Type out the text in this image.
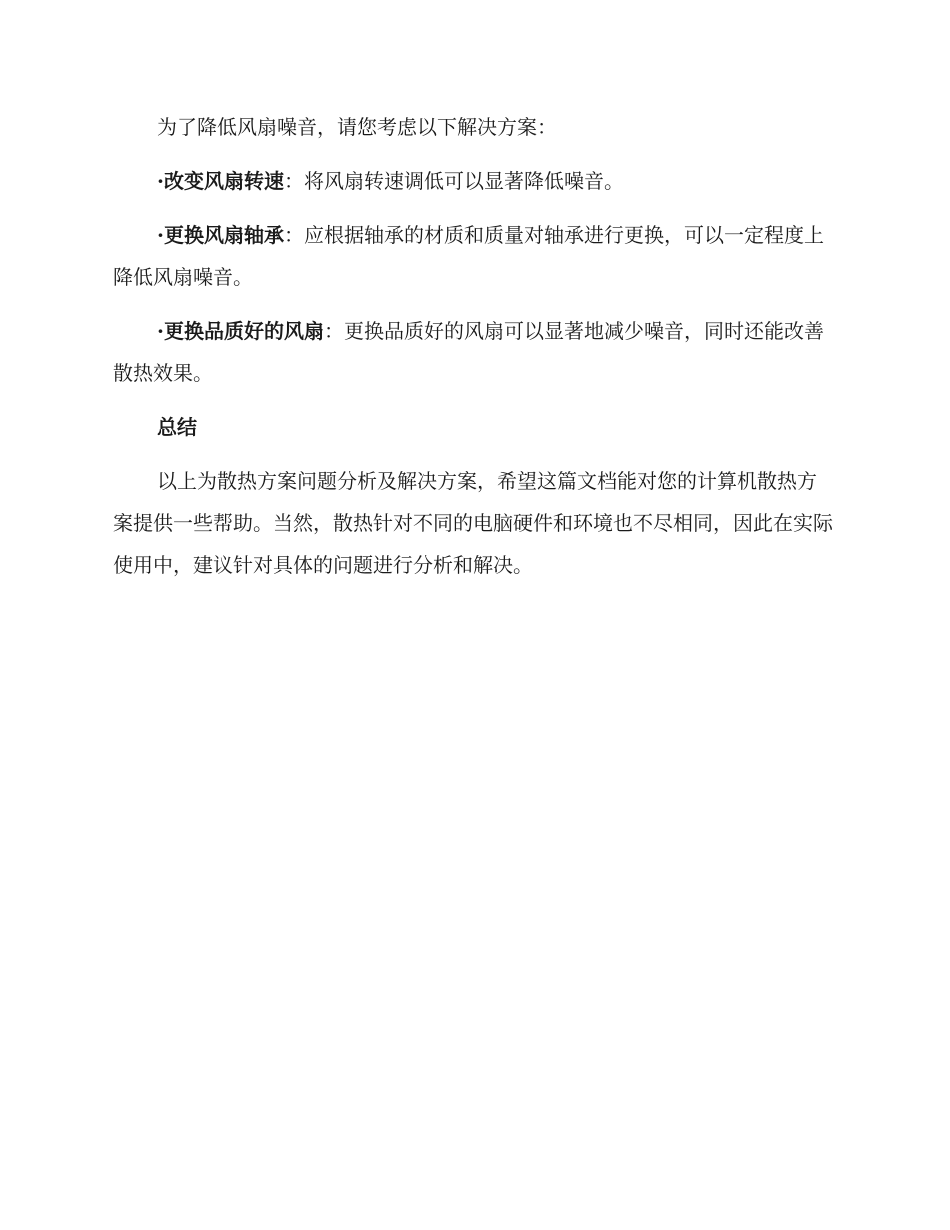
为了降低风扇噪音，请您考虑以下解决方案：

·改变风扇转速：将风扇转速调低可以显著降低噪音。

·更换风扇轴承：应根据轴承的材质和质量对轴承进行更换，可以一定程度上降低风扇噪音。

·更换品质好的风扇：更换品质好的风扇可以显著地减少噪音，同时还能改善散热效果。

总结

以上为散热方案问题分析及解决方案，希望这篇文档能对您的计算机散热方案提供一些帮助。当然，散热针对不同的电脑硬件和环境也不尽相同，因此在实际使用中，建议针对具体的问题进行分析和解决。
